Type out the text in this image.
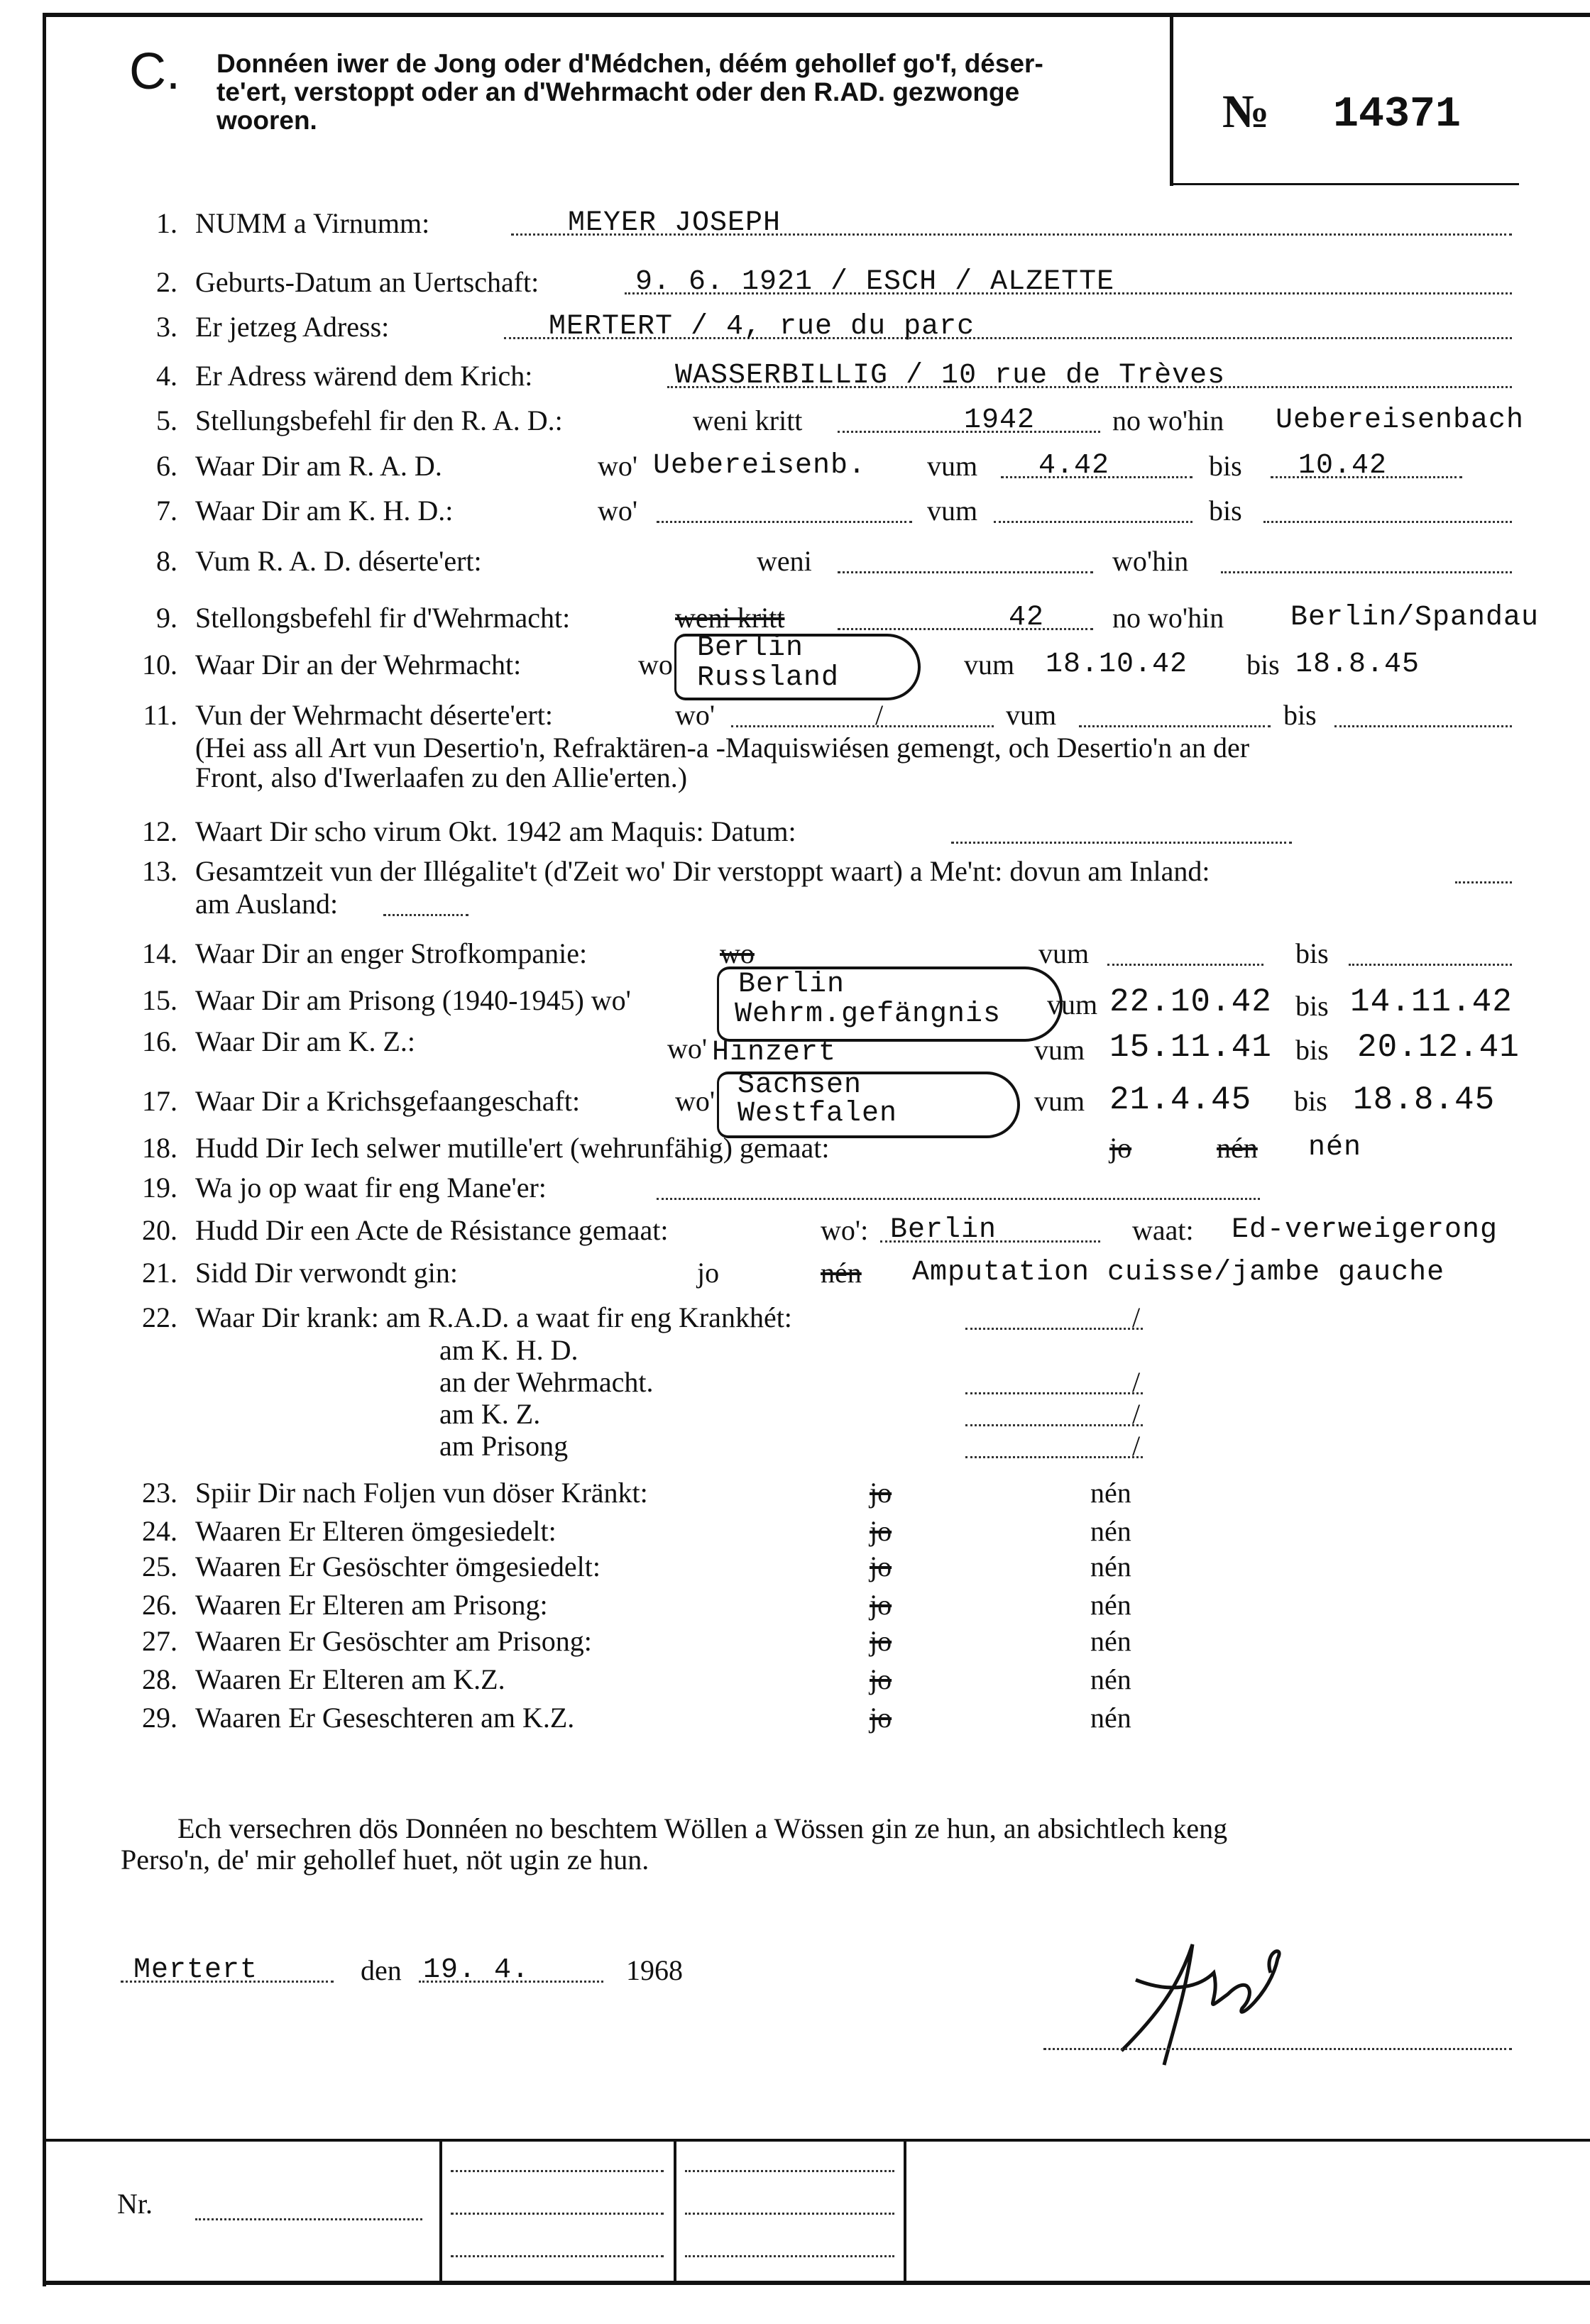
C. Donnéen iwer de Jong oder d'Médchen, déém gehollef go'f, déser-
te'ert, verstoppt oder an d'Wehrmacht oder den R.AD. gezwonge
wooren.	№ 14371
1. NUMM a Virnumm:	MEYER JOSEPH
2. Geburts-Datum an Uertschaft:	9. 6. 1921 / ESCH / ALZETTE
3. Er jetzeg Adress:	MERTERT / 4, rue du parc
4. Er Adress wärend dem Krich:	WASSERBILLIG / 10 rue de Trèves
5. Stellungsbefehl fir den R. A. D.:	weni kritt	1942	no wo'hin Uebereisenbach
6. Waar Dir am R. A. D.	wo' Uebereisenb. vum 4.42	bis 10.42
7. Waar Dir am K. H. D.:	wo'	vum	bis
8. Vum R. A. D. déserte'ert:	weni	wo'hin
9. Stellongsbefehl fir d'Wehrmacht:	weni kritt	42 no wo'hin Berlin/Spandau
10. Waar Dir an der Wehrmacht:	wo
Berlin
Russland	vum 18.10.42 bis 18.8.45
11. Vun der Wehrmacht déserte'ert:	wo'	/	vum	bis
(Hei ass all Art vun Desertio'n, Refraktären-a -Maquiswiésen gemengt, och Desertio'n an der
Front, also d'Iwerlaafen zu den Allie'erten.)
12. Waart Dir scho virum Okt. 1942 am Maquis: Datum:
13. Gesamtzeit vun der Illégalite't (d'Zeit wo' Dir verstoppt waart) a Me'nt: dovun am Inland:
am Ausland:
14. Waar Dir an enger Strofkompanie:	wo	vum	bis
15. Waar Dir am Prisong (1940-1945) wo'	Berlin
Wehrm.gefängnis vum 22.10.42 bis 14.11.42
16. Waar Dir am K. Z.:	wo' Hinzert	vum 15.11.41 bis 20.12.41
17. Waar Dir a Krichsgefaangeschaft:	wo' Sachsen
Westfalen	vum 21.4.45 bis 18.8.45
18. Hudd Dir Iech selwer mutille'ert (wehrunfähig) gemaat:	jo	nén nén
19. Wa jo op waat fir eng Mane'er:
20. Hudd Dir een Acte de Résistance gemaat:	wo': Berlin	waat: Ed-verweigerong
21. Sidd Dir verwondt gin:	jo	nén Amputation cuisse/jambe gauche
22. Waar Dir krank: am R.A.D. a waat fir eng Krankhét:	/
am K. H. D.
an der Wehrmacht.	/
am K. Z.	/
am Prisong	/
23. Spiir Dir nach Foljen vun döser Kränkt:	jo	nén
24. Waaren Er Elteren ömgesiedelt:	jo	nén
25. Waaren Er Gesöschter ömgesiedelt:	jo	nén
26. Waaren Er Elteren am Prisong:	jo	nén
27. Waaren Er Gesöschter am Prisong:	jo	nén
28. Waaren Er Elteren am K.Z.	jo	nén
29. Waaren Er Geseschteren am K.Z.	jo	nén
Ech versechren dös Donnéen no beschtem Wöllen a Wössen gin ze hun, an absichtlech keng
Perso'n, de' mir gehollef huet, nöt ugin ze hun.
Mertert	den 19. 4.	1968
Nr.
